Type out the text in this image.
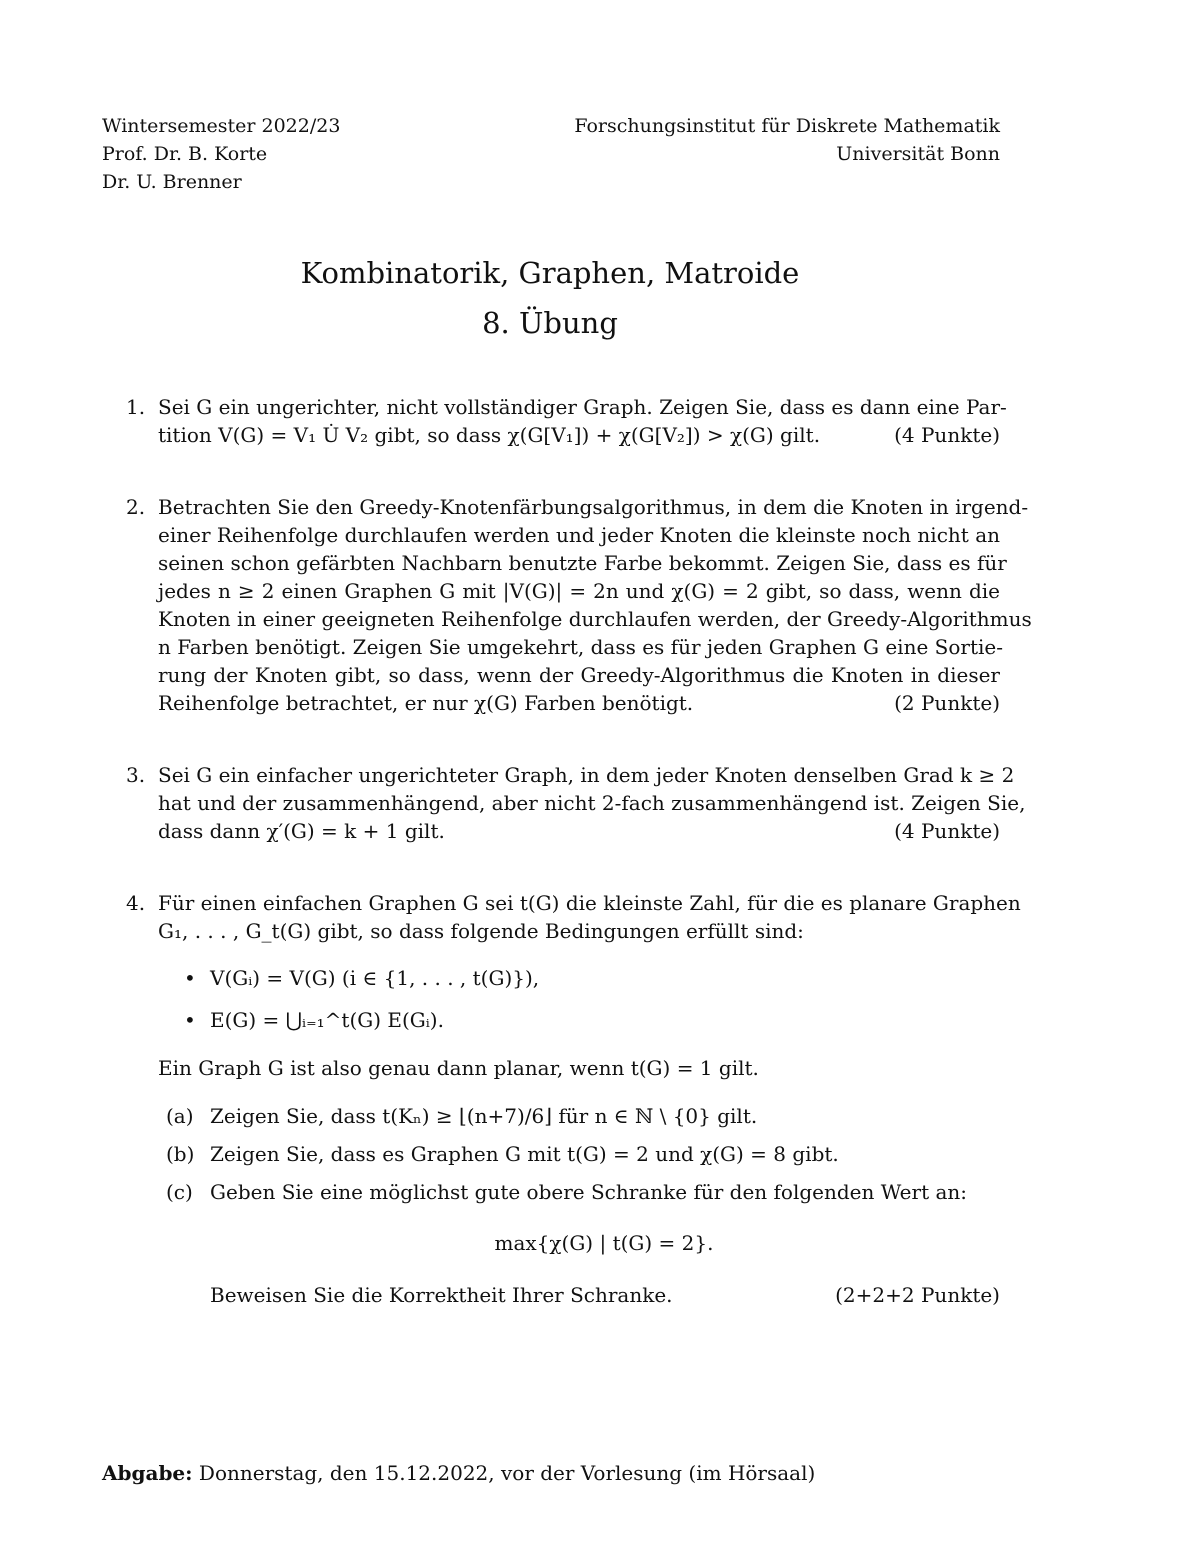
Wintersemester 2022/23
Prof. Dr. B. Korte
Dr. U. Brenner
Forschungsinstitut für Diskrete Mathematik
Universität Bonn
Kombinatorik, Graphen, Matroide
8. Übung
1. Sei G ein ungerichter, nicht vollständiger Graph. Zeigen Sie, dass es dann eine Par-
tition V(G) = V₁ U̇ V₂ gibt, so dass χ(G[V₁]) + χ(G[V₂]) > χ(G) gilt.	(4 Punkte)
2. Betrachten Sie den Greedy-Knotenfärbungsalgorithmus, in dem die Knoten in irgend-
einer Reihenfolge durchlaufen werden und jeder Knoten die kleinste noch nicht an
seinen schon gefärbten Nachbarn benutzte Farbe bekommt. Zeigen Sie, dass es für
jedes n ≥ 2 einen Graphen G mit |V(G)| = 2n und χ(G) = 2 gibt, so dass, wenn die
Knoten in einer geeigneten Reihenfolge durchlaufen werden, der Greedy-Algorithmus
n Farben benötigt. Zeigen Sie umgekehrt, dass es für jeden Graphen G eine Sortie-
rung der Knoten gibt, so dass, wenn der Greedy-Algorithmus die Knoten in dieser
Reihenfolge betrachtet, er nur χ(G) Farben benötigt.	(2 Punkte)
3. Sei G ein einfacher ungerichteter Graph, in dem jeder Knoten denselben Grad k ≥ 2
hat und der zusammenhängend, aber nicht 2-fach zusammenhängend ist. Zeigen Sie,
dass dann χ′(G) = k + 1 gilt.	(4 Punkte)
4. Für einen einfachen Graphen G sei t(G) die kleinste Zahl, für die es planare Graphen
G₁, . . . , G_t(G) gibt, so dass folgende Bedingungen erfüllt sind:
• V(Gᵢ) = V(G) (i ∈ {1, . . . , t(G)}),
• E(G) = ⋃ᵢ₌₁^t(G) E(Gᵢ).
Ein Graph G ist also genau dann planar, wenn t(G) = 1 gilt.
(a) Zeigen Sie, dass t(Kₙ) ≥ ⌊(n+7)/6⌋ für n ∈ ℕ \ {0} gilt.
(b) Zeigen Sie, dass es Graphen G mit t(G) = 2 und χ(G) = 8 gibt.
(c) Geben Sie eine möglichst gute obere Schranke für den folgenden Wert an:
max{χ(G) | t(G) = 2}.
Beweisen Sie die Korrektheit Ihrer Schranke.	(2+2+2 Punkte)
Abgabe: Donnerstag, den 15.12.2022, vor der Vorlesung (im Hörsaal)
